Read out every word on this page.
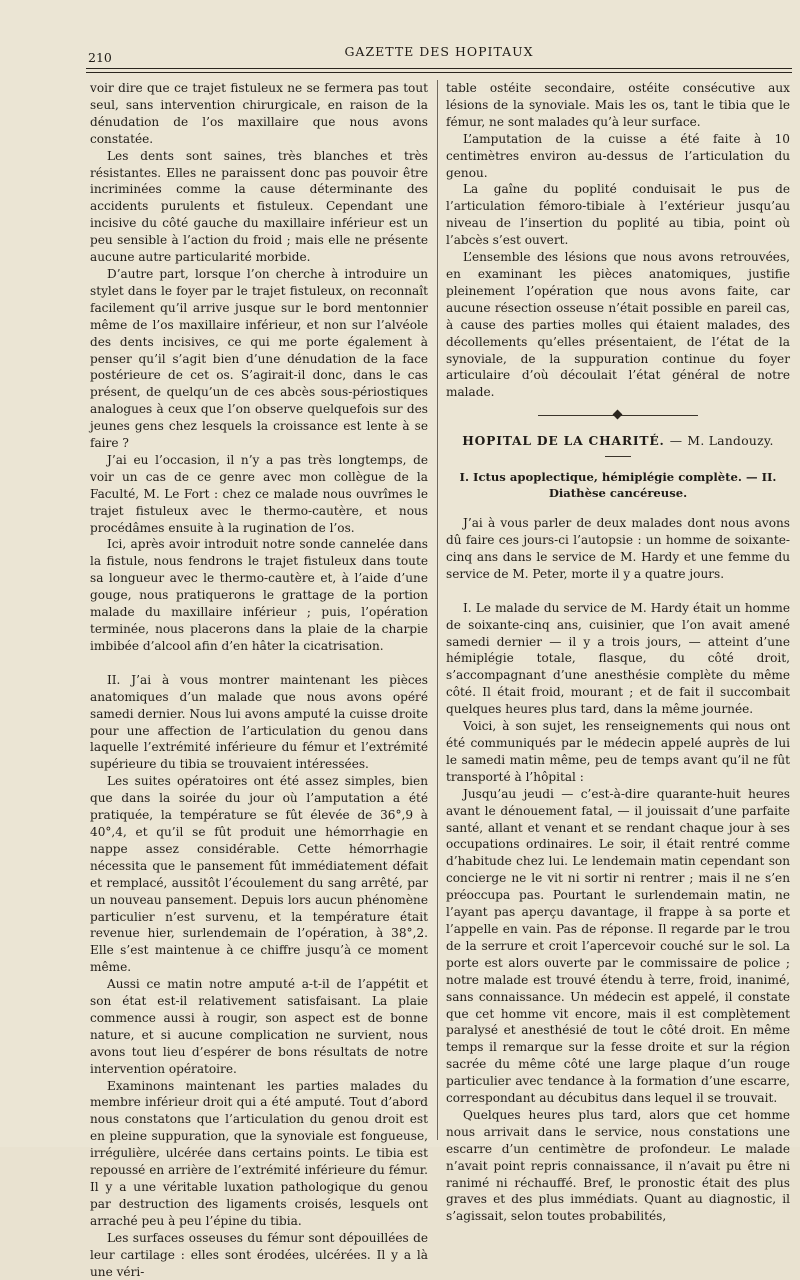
210	GAZETTE DES HOPITAUX

voir dire que ce trajet fistuleux ne se fermera pas tout seul, sans intervention chirurgicale, en raison de la dénudation de l’os maxillaire que nous avons constatée.

Les dents sont saines, très blanches et très résistantes. Elles ne paraissent donc pas pouvoir être incriminées comme la cause déterminante des accidents purulents et fistuleux. Cependant une incisive du côté gauche du maxillaire inférieur est un peu sensible à l’action du froid ; mais elle ne présente aucune autre particularité morbide.

D’autre part, lorsque l’on cherche à introduire un stylet dans le foyer par le trajet fistuleux, on reconnaît facilement qu’il arrive jusque sur le bord mentonnier même de l’os maxillaire inférieur, et non sur l’alvéole des dents incisives, ce qui me porte également à penser qu’il s’agit bien d’une dénudation de la face postérieure de cet os. S’agirait-il donc, dans le cas présent, de quelqu’un de ces abcès sous-périostiques analogues à ceux que l’on observe quelquefois sur des jeunes gens chez lesquels la croissance est lente à se faire ?

J’ai eu l’occasion, il n’y a pas très longtemps, de voir un cas de ce genre avec mon collègue de la Faculté, M. Le Fort : chez ce malade nous ouvrîmes le trajet fistuleux avec le thermo-cautère, et nous procédâmes ensuite à la rugination de l’os.

Ici, après avoir introduit notre sonde cannelée dans la fistule, nous fendrons le trajet fistuleux dans toute sa longueur avec le thermo-cautère et, à l’aide d’une gouge, nous pratiquerons le grattage de la portion malade du maxillaire inférieur ; puis, l’opération terminée, nous placerons dans la plaie de la charpie imbibée d’alcool afin d’en hâter la cicatrisation.

II. J’ai à vous montrer maintenant les pièces anatomiques d’un malade que nous avons opéré samedi dernier. Nous lui avons amputé la cuisse droite pour une affection de l’articulation du genou dans laquelle l’extrémité inférieure du fémur et l’extrémité supérieure du tibia se trouvaient intéressées.

Les suites opératoires ont été assez simples, bien que dans la soirée du jour où l’amputation a été pratiquée, la température se fût élevée de 36°,9 à 40°,4, et qu’il se fût produit une hémorrhagie en nappe assez considérable. Cette hémorrhagie nécessita que le pansement fût immédiatement défait et remplacé, aussitôt l’écoulement du sang arrêté, par un nouveau pansement. Depuis lors aucun phénomène particulier n’est survenu, et la température était revenue hier, surlendemain de l’opération, à 38°,2. Elle s’est maintenue à ce chiffre jusqu’à ce moment même.

Aussi ce matin notre amputé a-t-il de l’appétit et son état est-il relativement satisfaisant. La plaie commence aussi à rougir, son aspect est de bonne nature, et si aucune complication ne survient, nous avons tout lieu d’espérer de bons résultats de notre intervention opératoire.

Examinons maintenant les parties malades du membre inférieur droit qui a été amputé. Tout d’abord nous constatons que l’articulation du genou droit est en pleine suppuration, que la synoviale est fongueuse, irrégulière, ulcérée dans certains points. Le tibia est repoussé en arrière de l’extrémité inférieure du fémur. Il y a une véritable luxation pathologique du genou par destruction des ligaments croisés, lesquels ont arraché peu à peu l’épine du tibia.

Les surfaces osseuses du fémur sont dépouillées de leur cartilage : elles sont érodées, ulcérées. Il y a là une véri-

table ostéite secondaire, ostéite consécutive aux lésions de la synoviale. Mais les os, tant le tibia que le fémur, ne sont malades qu’à leur surface.

L’amputation de la cuisse a été faite à 10 centimètres environ au-dessus de l’articulation du genou.

La gaîne du poplité conduisait le pus de l’articulation fémoro-tibiale à l’extérieur jusqu’au niveau de l’insertion du poplité au tibia, point où l’abcès s’est ouvert.

L’ensemble des lésions que nous avons retrouvées, en examinant les pièces anatomiques, justifie pleinement l’opération que nous avons faite, car aucune résection osseuse n’était possible en pareil cas, à cause des parties molles qui étaient malades, des décollements qu’elles présentaient, de l’état de la synoviale, de la suppuration continue du foyer articulaire d’où découlait l’état général de notre malade.

HOPITAL DE LA CHARITÉ. — M. Landouzy.
I. Ictus apoplectique, hémiplégie complète. — II. Diathèse cancéreuse.

J’ai à vous parler de deux malades dont nous avons dû faire ces jours-ci l’autopsie : un homme de soixante-cinq ans dans le service de M. Hardy et une femme du service de M. Peter, morte il y a quatre jours.

I. Le malade du service de M. Hardy était un homme de soixante-cinq ans, cuisinier, que l’on avait amené samedi dernier — il y a trois jours, — atteint d’une hémiplégie totale, flasque, du côté droit, s’accompagnant d’une anesthésie complète du même côté. Il était froid, mourant ; et de fait il succombait quelques heures plus tard, dans la même journée.

Voici, à son sujet, les renseignements qui nous ont été communiqués par le médecin appelé auprès de lui le samedi matin même, peu de temps avant qu’il ne fût transporté à l’hôpital :

Jusqu’au jeudi — c’est-à-dire quarante-huit heures avant le dénouement fatal, — il jouissait d’une parfaite santé, allant et venant et se rendant chaque jour à ses occupations ordinaires. Le soir, il était rentré comme d’habitude chez lui. Le lendemain matin cependant son concierge ne le vit ni sortir ni rentrer ; mais il ne s’en préoccupa pas. Pourtant le surlendemain matin, ne l’ayant pas aperçu davantage, il frappe à sa porte et l’appelle en vain. Pas de réponse. Il regarde par le trou de la serrure et croit l’apercevoir couché sur le sol. La porte est alors ouverte par le commissaire de police ; notre malade est trouvé étendu à terre, froid, inanimé, sans connaissance. Un médecin est appelé, il constate que cet homme vit encore, mais il est complètement paralysé et anesthésié de tout le côté droit. En même temps il remarque sur la fesse droite et sur la région sacrée du même côté une large plaque d’un rouge particulier avec tendance à la formation d’une escarre, correspondant au décubitus dans lequel il se trouvait.

Quelques heures plus tard, alors que cet homme nous arrivait dans le service, nous constations une escarre d’un centimètre de profondeur. Le malade n’avait point repris connaissance, il n’avait pu être ni ranimé ni réchauffé. Bref, le pronostic était des plus graves et des plus immédiats. Quant au diagnostic, il s’agissait, selon toutes probabilités,
